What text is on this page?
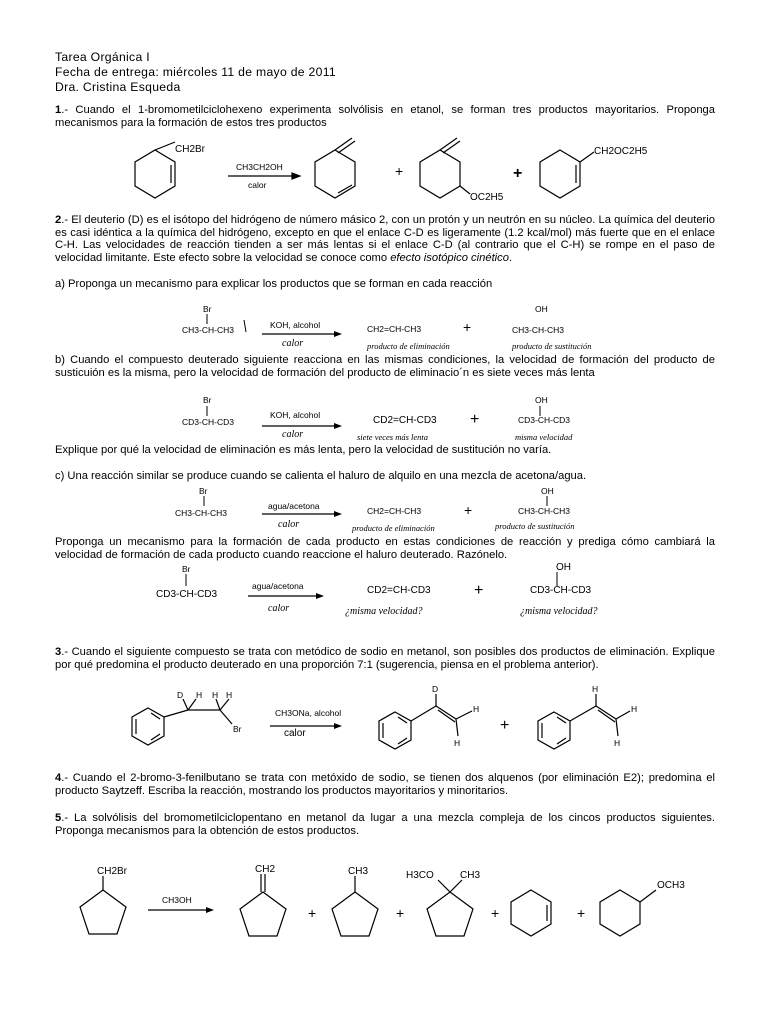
Tarea Orgánica I
Fecha de entrega: miércoles 11 de mayo de 2011
Dra. Cristina Esqueda
1.- Cuando el 1-bromometilciclohexeno experimenta solvólisis en etanol, se forman tres productos mayoritarios. Proponga mecanismos para la formación de estos tres productos
CH2Br
CH3CH2OH
calor
+
OC2H5
+
CH2OC2H5
2.- El deuterio (D) es el isótopo del hidrógeno de número másico 2, con un protón y un neutrón en su núcleo. La química del deuterio es casi idéntica a la química del hidrógeno, excepto en que el enlace C-D es ligeramente (1.2 kcal/mol) más fuerte que en el enlace C-H. Las velocidades de reacción tienden a ser más lentas si el enlace C-D (al contrario que el C-H) se rompe en el paso de velocidad limitante. Este efecto sobre la velocidad se conoce como efecto isotópico cinético.
a) Proponga un mecanismo para explicar los productos que se forman en cada reacción
Br
CH3-CH-CH3	KOH, alcohol
calor
CH2=CH-CH3
producto de eliminación
+
OH
CH3-CH-CH3
producto de sustitución
b) Cuando el compuesto deuterado siguiente reacciona en las mismas condiciones, la velocidad de formación del producto de susticuión es la misma, pero la velocidad de formación del producto de eliminacio´n es siete veces más lenta
Br
CD3-CH-CD3
KOH, alcohol
calor
CD2=CH-CD3
siete veces más lenta
+
OH
CD3-CH-CD3
misma velocidad
Explique por qué la velocidad de eliminación es más lenta, pero la velocidad de sustitución no varía.
c) Una reacción similar se produce cuando se calienta el haluro de alquilo en una mezcla de acetona/agua.
Br
CH3-CH-CH3
agua/acetona
calor
CH2=CH-CH3
producto de eliminación
+
OH
CH3-CH-CH3
producto de sustitución
Proponga un mecanismo para la formación de cada producto en estas condiciones de reacción y prediga cómo cambiará la velocidad de formación de cada producto cuando reaccione el haluro deuterado. Razónelo.
Br
CD3-CH-CD3
agua/acetona
calor
CD2=CH-CD3
¿misma velocidad?
+
OH
CD3-CH-CD3
¿misma velocidad?
3.- Cuando el siguiente compuesto se trata con metódico de sodio en metanol, son posibles dos productos de eliminación. Explique por qué predomina el producto deuterado en una proporción 7:1 (sugerencia, piensa en el problema anterior).
D H H H
Br
CH3ONa, alcohol
calor
D
H
H
+
H
H
H
4.- Cuando el 2-bromo-3-fenilbutano se trata con metóxido de sodio, se tienen dos alquenos (por eliminación E2); predomina el producto Saytzeff. Escriba la reacción, mostrando los productos mayoritarios y minoritarios.
5.- La solvólisis del bromometilciclopentano en metanol da lugar a una mezcla compleja de los cincos productos siguientes. Proponga mecanismos para la obtención de estos productos.
CH2Br
CH3OH
CH2
+
CH3
+
H3CO	CH3
+	+
OCH3
